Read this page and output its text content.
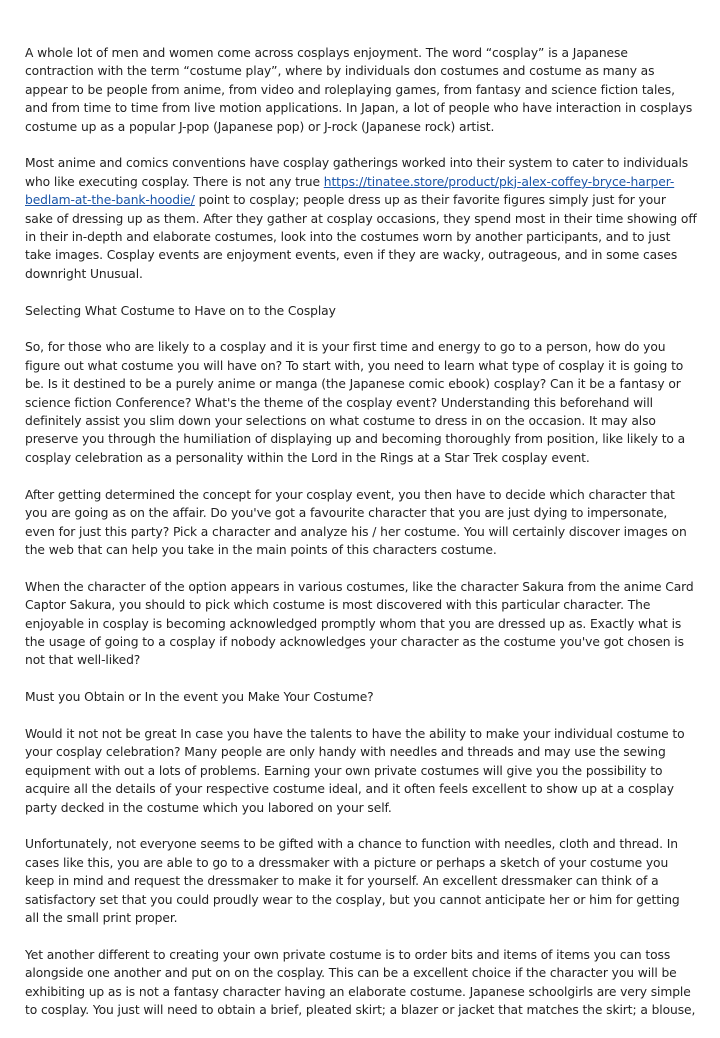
A whole lot of men and women come across cosplays enjoyment. The word “cosplay” is a Japanese contraction with the term “costume play”, where by individuals don costumes and costume as many as appear to be people from anime, from video and roleplaying games, from fantasy and science fiction tales, and from time to time from live motion applications. In Japan, a lot of people who have interaction in cosplays costume up as a popular J-pop (Japanese pop) or J-rock (Japanese rock) artist.

Most anime and comics conventions have cosplay gatherings worked into their system to cater to individuals who like executing cosplay. There is not any true https://tinatee.store/product/pkj-alex-coffey-bryce-harper-bedlam-at-the-bank-hoodie/ point to cosplay; people dress up as their favorite figures simply just for your sake of dressing up as them. After they gather at cosplay occasions, they spend most in their time showing off in their in-depth and elaborate costumes, look into the costumes worn by another participants, and to just take images. Cosplay events are enjoyment events, even if they are wacky, outrageous, and in some cases downright Unusual.

Selecting What Costume to Have on to the Cosplay

So, for those who are likely to a cosplay and it is your first time and energy to go to a person, how do you figure out what costume you will have on? To start with, you need to learn what type of cosplay it is going to be. Is it destined to be a purely anime or manga (the Japanese comic ebook) cosplay? Can it be a fantasy or science fiction Conference? What's the theme of the cosplay event? Understanding this beforehand will definitely assist you slim down your selections on what costume to dress in on the occasion. It may also preserve you through the humiliation of displaying up and becoming thoroughly from position, like likely to a cosplay celebration as a personality within the Lord in the Rings at a Star Trek cosplay event.

After getting determined the concept for your cosplay event, you then have to decide which character that you are going as on the affair. Do you've got a favourite character that you are just dying to impersonate, even for just this party? Pick a character and analyze his / her costume. You will certainly discover images on the web that can help you take in the main points of this characters costume.

When the character of the option appears in various costumes, like the character Sakura from the anime Card Captor Sakura, you should to pick which costume is most discovered with this particular character. The enjoyable in cosplay is becoming acknowledged promptly whom that you are dressed up as. Exactly what is the usage of going to a cosplay if nobody acknowledges your character as the costume you've got chosen is not that well-liked?

Must you Obtain or In the event you Make Your Costume?

Would it not not be great In case you have the talents to have the ability to make your individual costume to your cosplay celebration? Many people are only handy with needles and threads and may use the sewing equipment with out a lots of problems. Earning your own private costumes will give you the possibility to acquire all the details of your respective costume ideal, and it often feels excellent to show up at a cosplay party decked in the costume which you labored on your self.

Unfortunately, not everyone seems to be gifted with a chance to function with needles, cloth and thread. In cases like this, you are able to go to a dressmaker with a picture or perhaps a sketch of your costume you keep in mind and request the dressmaker to make it for yourself. An excellent dressmaker can think of a satisfactory set that you could proudly wear to the cosplay, but you cannot anticipate her or him for getting all the small print proper.

Yet another different to creating your own private costume is to order bits and items of items you can toss alongside one another and put on on the cosplay. This can be a excellent choice if the character you will be exhibiting up as is not a fantasy character having an elaborate costume. Japanese schoolgirls are very simple to cosplay. You just will need to obtain a brief, pleated skirt; a blazer or jacket that matches the skirt; a blouse,
